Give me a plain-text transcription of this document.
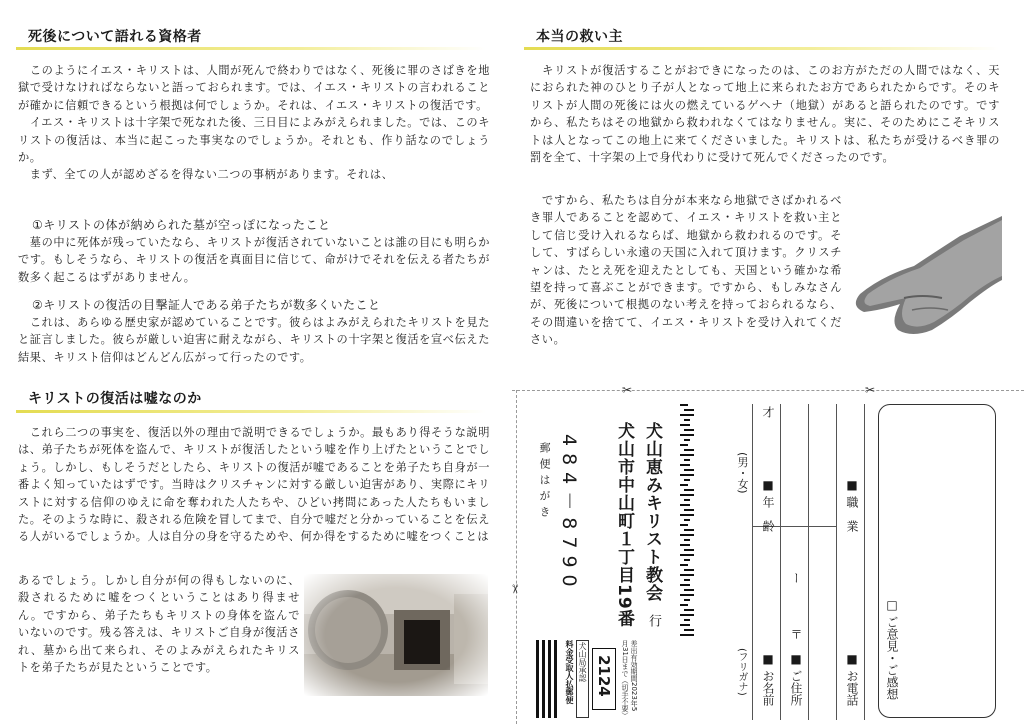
死後について語れる資格者
　このようにイエス・キリストは、人間が死んで終わりではなく、死後に罪のさばきを地獄で受けなければならないと語っておられます。では、イエス・キリストの言われることが確かに信頼できるという根拠は何でしょうか。それは、イエス・キリストの復活です。
　イエス・キリストは十字架で死なれた後、三日目によみがえられました。では、このキリストの復活は、本当に起こった事実なのでしょうか。それとも、作り話なのでしょうか。
　まず、全ての人が認めざるを得ない二つの事柄があります。それは、
①キリストの体が納められた墓が空っぽになったこと
　墓の中に死体が残っていたなら、キリストが復活されていないことは誰の目にも明らかです。もしそうなら、キリストの復活を真面目に信じて、命がけでそれを伝える者たちが数多く起こるはずがありません。
②キリストの復活の目撃証人である弟子たちが数多くいたこと
　これは、あらゆる歴史家が認めていることです。彼らはよみがえられたキリストを見たと証言しました。彼らが厳しい迫害に耐えながら、キリストの十字架と復活を宣べ伝えた結果、キリスト信仰はどんどん広がって行ったのです。
キリストの復活は嘘なのか
　これら二つの事実を、復活以外の理由で説明できるでしょうか。最もあり得そうな説明は、弟子たちが死体を盗んで、キリストが復活したという嘘を作り上げたということでしょう。しかし、もしそうだとしたら、キリストの復活が嘘であることを弟子たち自身が一番よく知っていたはずです。当時はクリスチャンに対する厳しい迫害があり、実際にキリストに対する信仰のゆえに命を奪われた人たちや、ひどい拷問にあった人たちもいました。そのような時に、殺される危険を冒してまで、自分で嘘だと分かっていることを伝える人がいるでしょうか。人は自分の身を守るためや、何か得をするために嘘をつくことは
あるでしょう。しかし自分が何の得もしないのに、殺されるために嘘をつくということはあり得ません。ですから、弟子たちもキリストの身体を盗んでいないのです。残る答えは、キリストご自身が復活され、墓から出て来られ、そのよみがえられたキリストを弟子たちが見たということです。
本当の救い主
　キリストが復活することがおできになったのは、このお方がただの人間ではなく、天におられた神のひとり子が人となって地上に来られたお方であられたからです。そのキリストが人間の死後には火の燃えているゲヘナ（地獄）があると語られたのです。ですから、私たちはその地獄から救われなくてはなりません。実に、そのためにこそキリストは人となってこの地上に来てくださいました。キリストは、私たちが受けるべき罪の罰を全て、十字架の上で身代わりに受けて死んでくださったのです。
　ですから、私たちは自分が本来なら地獄でさばかれるべき罪人であることを認めて、イエス・キリストを救い主として信じ受け入れるならば、地獄から救われるのです。そして、すばらしい永遠の天国に入れて頂けます。クリスチャンは、たとえ死を迎えたとしても、天国という確かな希望を持って喜ぶことができます。ですから、もしみなさんが、死後について根拠のない考えを持っておられるなら、その間違いを捨てて、イエス・キリストを受け入れてください。
✂	✂
✂
郵便はがき 484－8790 犬山市中山町１丁目19番 犬山恵みキリスト教会
行
料金受取人払郵便 犬山局承認 2124	差出有効期間2023年5月31日まで（切手不要）
(男・女)
(フリガナ) ■ お名前
■ 年　齢
才
■ ご住所
〒
ー
■ お電話
■ 職　業
□ ご意見・ご感想
